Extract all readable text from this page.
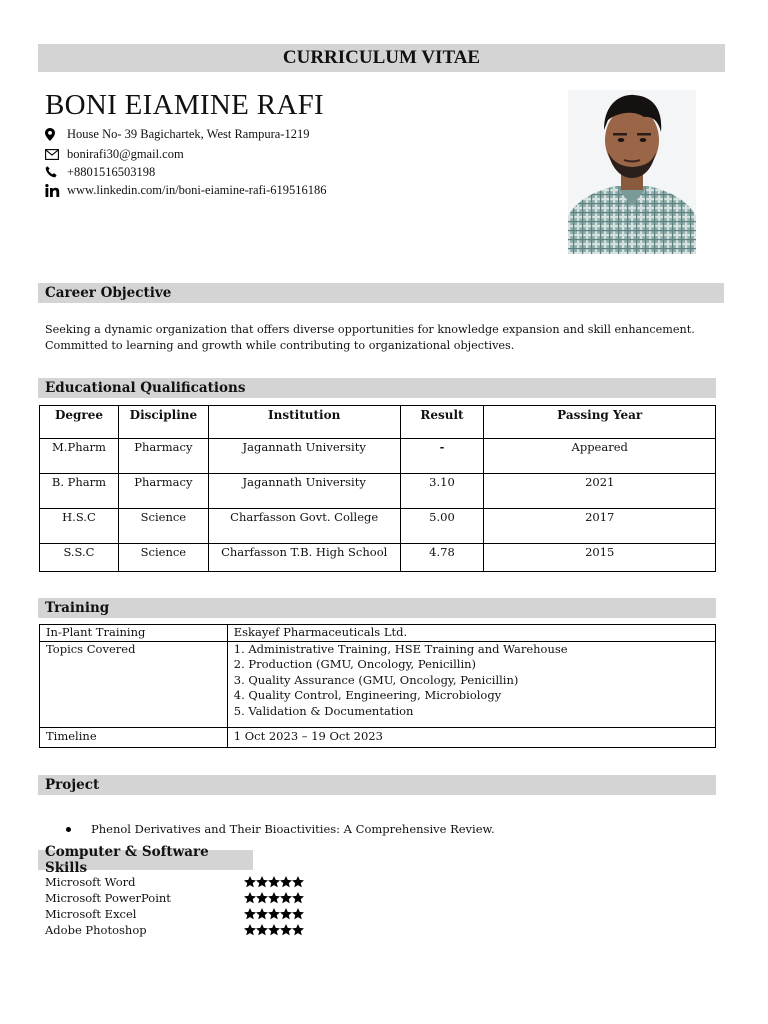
CURRICULUM VITAE
BONI EIAMINE RAFI
House No- 39 Bagichartek, West Rampura-1219
bonirafi30@gmail.com
+8801516503198
www.linkedin.com/in/boni-eiamine-rafi-619516186
Career Objective
Seeking a dynamic organization that offers diverse opportunities for knowledge expansion and skill enhancement.
Committed to learning and growth while contributing to organizational objectives.
Educational Qualifications
Degree	Discipline	Institution	Result	Passing Year
M.Pharm	Pharmacy	Jagannath University	-	Appeared
B. Pharm	Pharmacy	Jagannath University	3.10	2021
H.S.C	Science	Charfasson Govt. College	5.00	2017
S.S.C	Science	Charfasson T.B. High School	4.78	2015
Training
In-Plant Training	Eskayef Pharmaceuticals Ltd.
Topics Covered	1. Administrative Training, HSE Training and Warehouse
2. Production (GMU, Oncology, Penicillin)
3. Quality Assurance (GMU, Oncology, Penicillin)
4. Quality Control, Engineering, Microbiology
5. Validation & Documentation

Timeline	1 Oct 2023 – 19 Oct 2023
Project
Phenol Derivatives and Their Bioactivities: A Comprehensive Review.
Computer & Software Skills
Microsoft Word
Microsoft PowerPoint
Microsoft Excel
Adobe Photoshop
